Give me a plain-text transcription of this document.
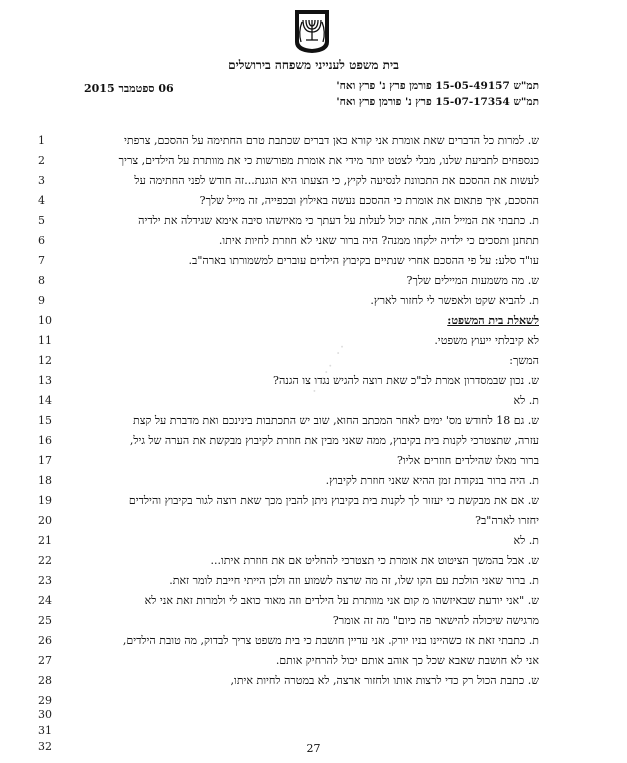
בית משפט לענייני משפחה בירושלים
06 ספטמבר 2015	תמ"ש 15-05-49157 פורמן פרץ נ' פרץ ואח'
תמ"ש 15-07-17354 פרץ נ' פורמן פרץ ואח'
·· ··· ·
1	ש. למרות כל הדברים שאת אומרת אני קורא כאן דברים שכתבת טרם החתימה על ההסכם, צרפתי
2	כנספחים לתביעת שלנו, מבלי לצטט יותר מידי את אומרת מפורשות כי את מוותרת על הילדים, צריך
3	לעשות את ההסכם את התכוונת לנסיעה לקיץ, כי הצעתו היא הוגנת...זה חודש לפני החתימה על
4	ההסכם, איך פתאום את אומרת כי ההסכם נעשה באילוץ ובכפייה, זה מייל שלך?
5	ת. כתבתי את המייל הזה, אתה יכול לעלות על דעתך כי מאיזשהו סיבה אימא שגידלה את ילדיה
6	תתחנן ותסכים כי ילדיה ילקחו ממנה? היה ברור שאני לא חוזרת לחיות איתו.
7	עו"ד סלע: על פי ההסכם אחרי שנתיים בקיבוץ הילדים עוברים למשמורתו בארה"ב.
8	ש. מה משמעות המיילים שלך?
9	ת. להביא שקט ולאפשר לי לחזור לארץ.
10	לשאלת בית המשפט:
11	לא קיבלתי ייעוץ משפטי.
12	המשך:
13	ש. נכון שבמסדרון אמרת לב"כ שאת רוצה להגיש נגדו צו הגנה?
14	ת. לא
15	ש. גם 18 לחודש מס' ימים לאחר המכתב החוא, שוב יש התכתבות בינינכם ואת מדברת על קצת
16	עזרה, שתצטרכי לקנות בית בקיבוץ, ממה שאני מבין את חוזרת לקיבוץ מבקשת את הערה של גיל,
17	ברור מאלו שהילדים חוזרים אליו?
18	ת. היה ברור בנקודת זמן ההיא שאני חוזרת לקיבוץ.
19	ש. אם את מבקשת כי יעזור לך לקנות בית בקיבוץ ניתן להבין מכך שאת רוצה לגור בקיבוץ והילדים
20	יחזרו לארה"ב?
21	ת. לא
22	ש. אבל בהמשך הציטוט את אומרת כי תצטרכי להחליט אם את חוזרת איתו...
23	ת. ברור שאני הולכת עם הקו שלו, זה מה שרצה לשמוע וזה ולכן הייתי חייבת לומר זאת.
24	ש. "אני יודעת שבאיזשהו מ קום אני מוותרת על הילדים וזה מאוד כואב לי ולמרות זאת אני לא
25	מרגישה שיכולה להישאר פה כיום" מה זה אומר?
26	ת. כתבתי זאת אז כשהיינו בניו יורק. אני עדיין חושבת כי בית משפט צריך לבדוק, מה טובת הילדים,
27	אני לא חושבת שאבא שכל כך אוהב אותם יכול להרחיק אותם.
28	ש. כתבת הכול רק כדי לרצות אותו ולחזור ארצה, לא במטרה לחיות איתו,
29
30
31
32	27
